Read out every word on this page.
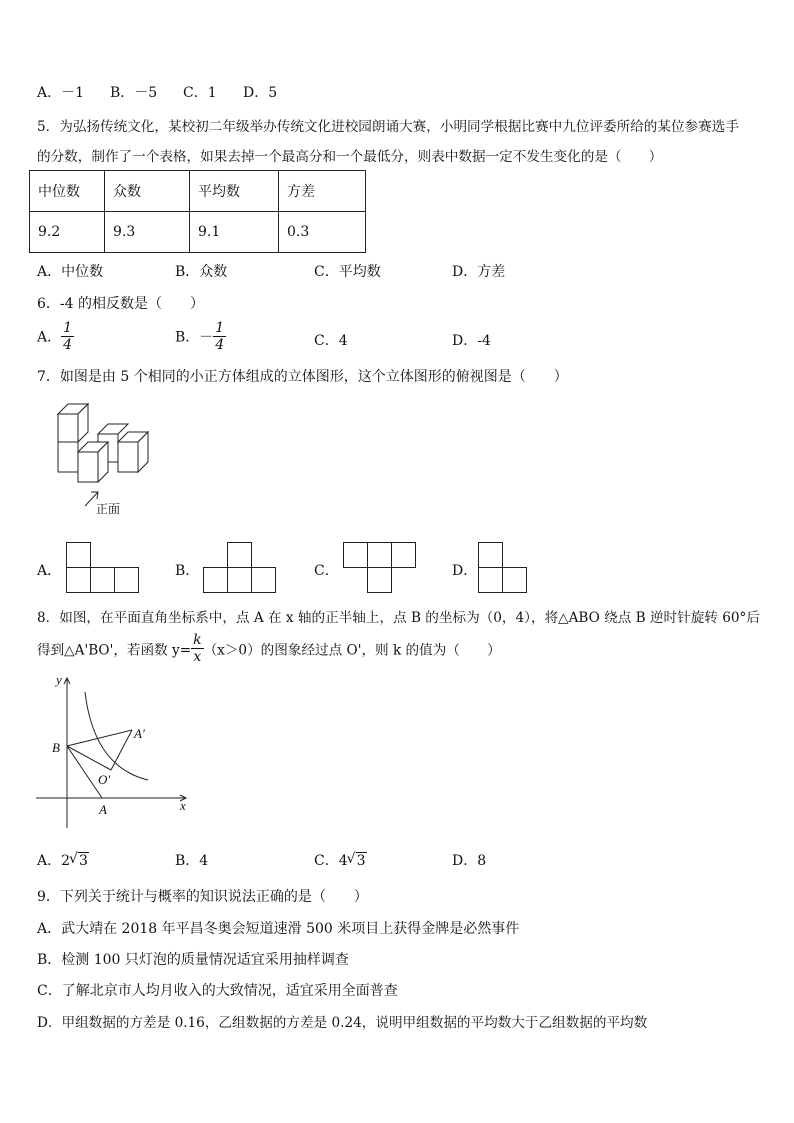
A．－1 B．－5 C．1 D．5
5．为弘扬传统文化，某校初二年级举办传统文化进校园朗诵大赛，小明同学根据比赛中九位评委所给的某位参赛选手
的分数，制作了一个表格，如果去掉一个最高分和一个最低分，则表中数据一定不发生变化的是（　　）
中位数	众数	平均数	方差
9.2	9.3	9.1	0.3
A．中位数	B．众数	C．平均数	D．方差
6．-4 的相反数是（　　）
A． $\frac{1}{4}$	B．－ $\frac{1}{4}$	C．4	D．-4
7．如图是由 5 个相同的小正方体组成的立体图形，这个立体图形的俯视图是（　　）
正面
A．	B．	C．	D．
8．如图，在平面直角坐标系中，点 A 在 x 轴的正半轴上，点 B 的坐标为（0，4），将△ABO 绕点 B 逆时针旋转 60°后
得到△A'BO'，若函数 $y= \frac{k}{x} (x>0)$的图象经过点 O'，则 k 的值为（　　）
y
x
B
A
A′
O′
A．2 √ 3	B．4	C．4 √ 3	D．8
9．下列关于统计与概率的知识说法正确的是（　　）
A．武大靖在 2018 年平昌冬奥会短道速滑 500 米项目上获得金牌是必然事件
B．检测 100 只灯泡的质量情况适宜采用抽样调查
C．了解北京市人均月收入的大致情况，适宜采用全面普查
D．甲组数据的方差是 0.16，乙组数据的方差是 0.24，说明甲组数据的平均数大于乙组数据的平均数
